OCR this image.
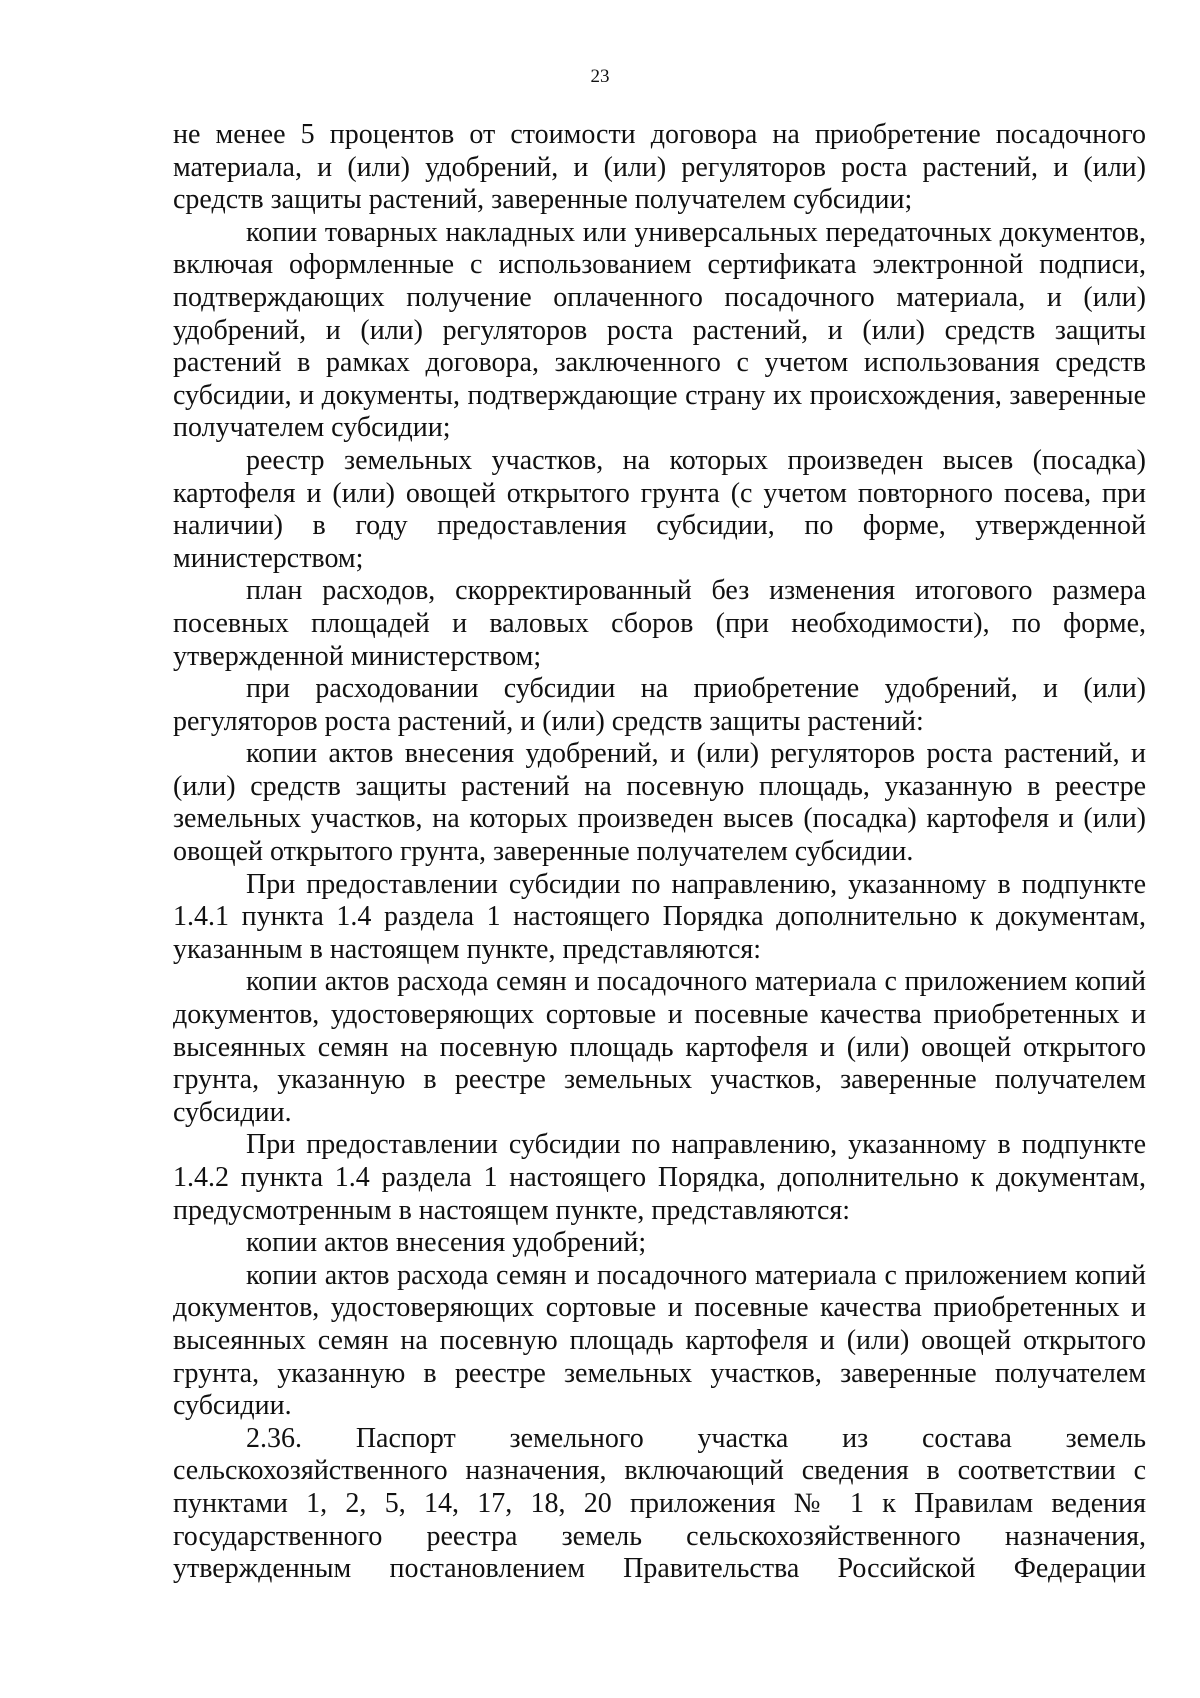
23

не менее 5 процентов от стоимости договора на приобретение посадочного материала, и (или) удобрений, и (или) регуляторов роста растений, и (или) средств защиты растений, заверенные получателем субсидии;

копии товарных накладных или универсальных передаточных документов, включая оформленные с использованием сертификата электронной подписи, подтверждающих получение оплаченного посадочного материала, и (или) удобрений, и (или) регуляторов роста растений, и (или) средств защиты растений в рамках договора, заключенного с учетом использования средств субсидии, и документы, подтверждающие страну их происхождения, заверенные получателем субсидии;

реестр земельных участков, на которых произведен высев (посадка) картофеля и (или) овощей открытого грунта (с учетом повторного посева, при наличии) в году предоставления субсидии, по форме, утвержденной министерством;

план расходов, скорректированный без изменения итогового размера посевных площадей и валовых сборов (при необходимости), по форме, утвержденной министерством;

при расходовании субсидии на приобретение удобрений, и (или) регуляторов роста растений, и (или) средств защиты растений:

копии актов внесения удобрений, и (или) регуляторов роста растений, и (или) средств защиты растений на посевную площадь, указанную в реестре земельных участков, на которых произведен высев (посадка) картофеля и (или) овощей открытого грунта, заверенные получателем субсидии.

При предоставлении субсидии по направлению, указанному в подпункте 1.4.1 пункта 1.4 раздела 1 настоящего Порядка дополнительно к документам, указанным в настоящем пункте, представляются:

копии актов расхода семян и посадочного материала с приложением копий документов, удостоверяющих сортовые и посевные качества приобретенных и высеянных семян на посевную площадь картофеля и (или) овощей открытого грунта, указанную в реестре земельных участков, заверенные получателем субсидии.

При предоставлении субсидии по направлению, указанному в подпункте 1.4.2 пункта 1.4 раздела 1 настоящего Порядка, дополнительно к документам, предусмотренным в настоящем пункте, представляются:

копии актов внесения удобрений;

копии актов расхода семян и посадочного материала с приложением копий документов, удостоверяющих сортовые и посевные качества приобретенных и высеянных семян на посевную площадь картофеля и (или) овощей открытого грунта, указанную в реестре земельных участков, заверенные получателем субсидии.

2.36. Паспорт земельного участка из состава земель сельскохозяйственного назначения, включающий сведения в соответствии с пунктами 1, 2, 5, 14, 17, 18, 20 приложения № 1 к Правилам ведения государственного реестра земель сельскохозяйственного назначения, утвержденным постановлением Правительства Российской Федерации
